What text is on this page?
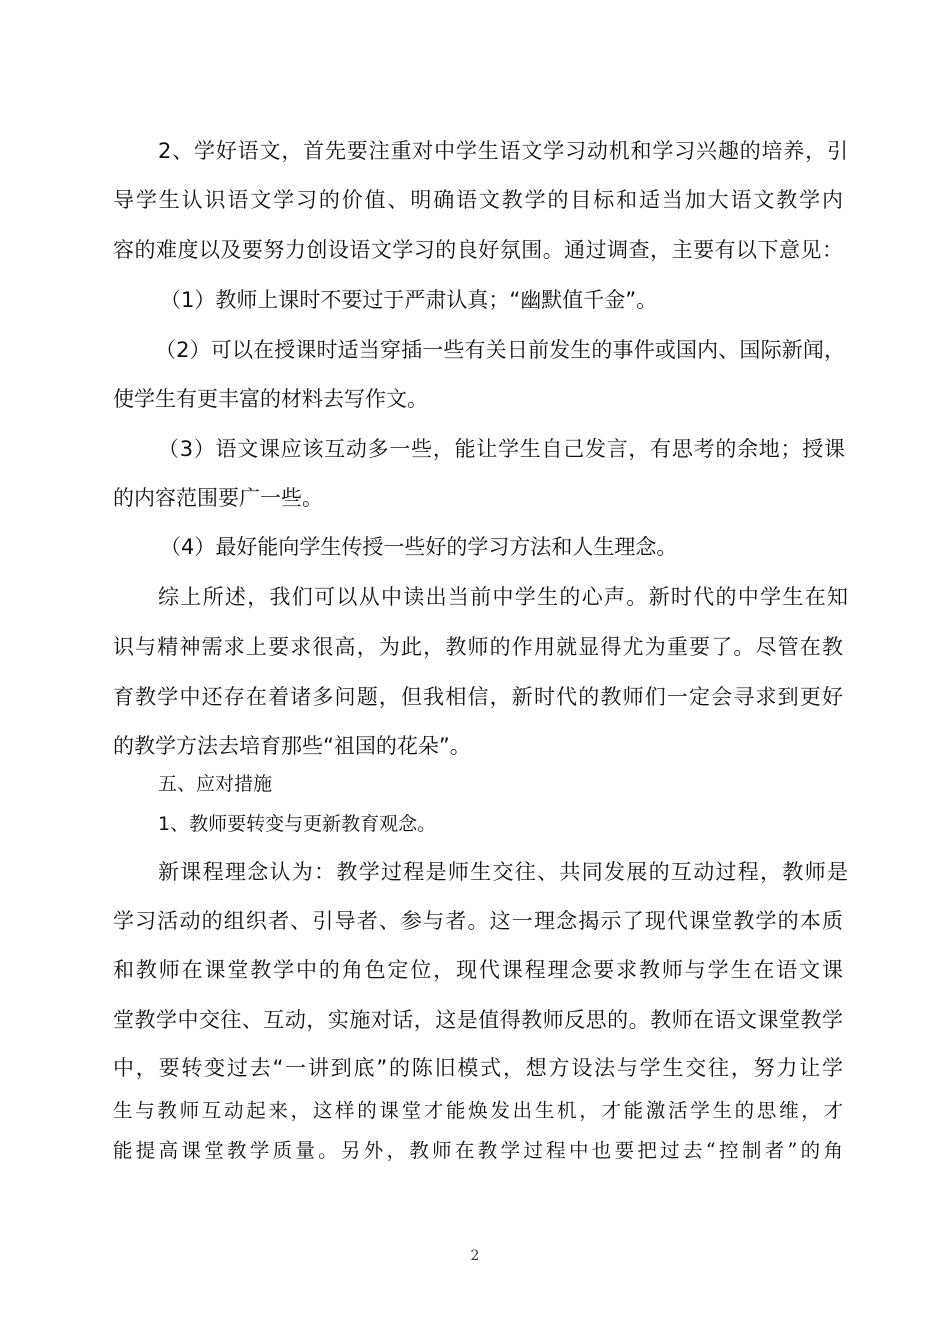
2、学好语文，首先要注重对中学生语文学习动机和学习兴趣的培养，引
导学生认识语文学习的价值、明确语文教学的目标和适当加大语文教学内
容的难度以及要努力创设语文学习的良好氛围。通过调查，主要有以下意见：
（1）教师上课时不要过于严肃认真；“幽默值千金”。
（2）可以在授课时适当穿插一些有关日前发生的事件或国内、国际新闻，
使学生有更丰富的材料去写作文。
（3）语文课应该互动多一些，能让学生自己发言，有思考的余地；授课
的内容范围要广一些。
（4）最好能向学生传授一些好的学习方法和人生理念。
综上所述，我们可以从中读出当前中学生的心声。新时代的中学生在知
识与精神需求上要求很高，为此，教师的作用就显得尤为重要了。尽管在教
育教学中还存在着诸多问题，但我相信，新时代的教师们一定会寻求到更好
的教学方法去培育那些“祖国的花朵”。
五、应对措施
1、教师要转变与更新教育观念。
新课程理念认为：教学过程是师生交往、共同发展的互动过程，教师是
学习活动的组织者、引导者、参与者。这一理念揭示了现代课堂教学的本质
和教师在课堂教学中的角色定位，现代课程理念要求教师与学生在语文课
堂教学中交往、互动，实施对话，这是值得教师反思的。教师在语文课堂教学
中，要转变过去“一讲到底”的陈旧模式，想方设法与学生交往，努力让学
生与教师互动起来，这样的课堂才能焕发出生机，才能激活学生的思维，才
能提高课堂教学质量。另外，教师在教学过程中也要把过去“控制者”的角
2
